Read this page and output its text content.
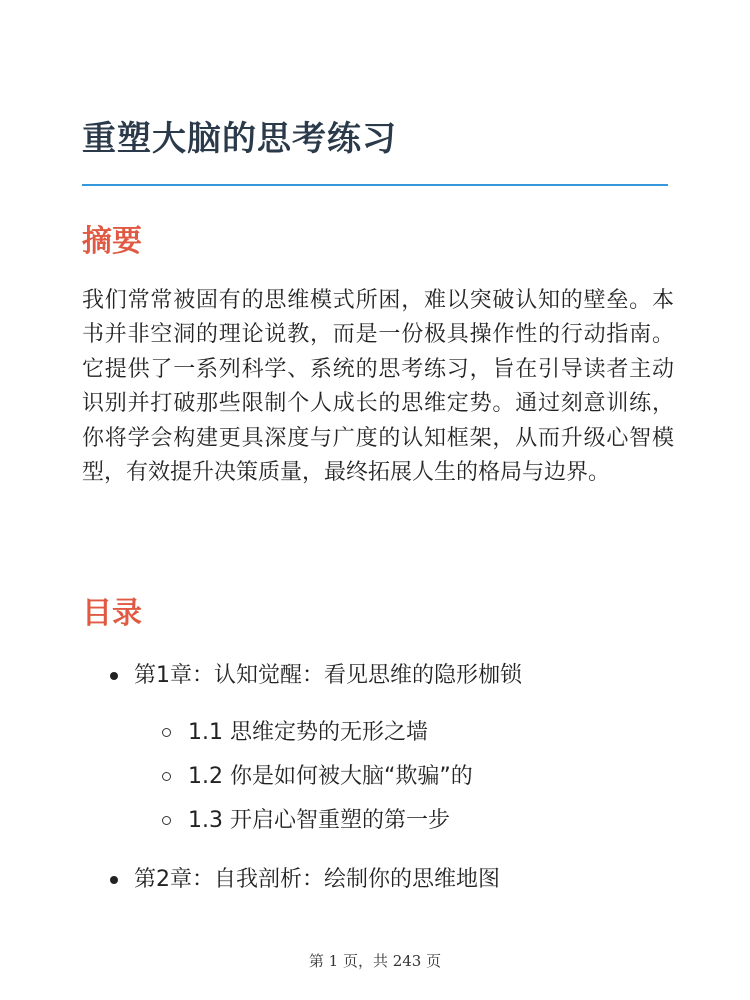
重塑大脑的思考练习
摘要

我们常常被固有的思维模式所困，难以突破认知的壁垒。本书并非空洞的理论说教，而是一份极具操作性的行动指南。它提供了一系列科学、系统的思考练习，旨在引导读者主动识别并打破那些限制个人成长的思维定势。通过刻意训练，你将学会构建更具深度与广度的认知框架，从而升级心智模型，有效提升决策质量，最终拓展人生的格局与边界。

目录
第1章：认知觉醒：看见思维的隐形枷锁
1.1 思维定势的无形之墙
1.2 你是如何被大脑“欺骗”的
1.3 开启心智重塑的第一步
第2章：自我剖析：绘制你的思维地图
第 1 页，共 243 页
